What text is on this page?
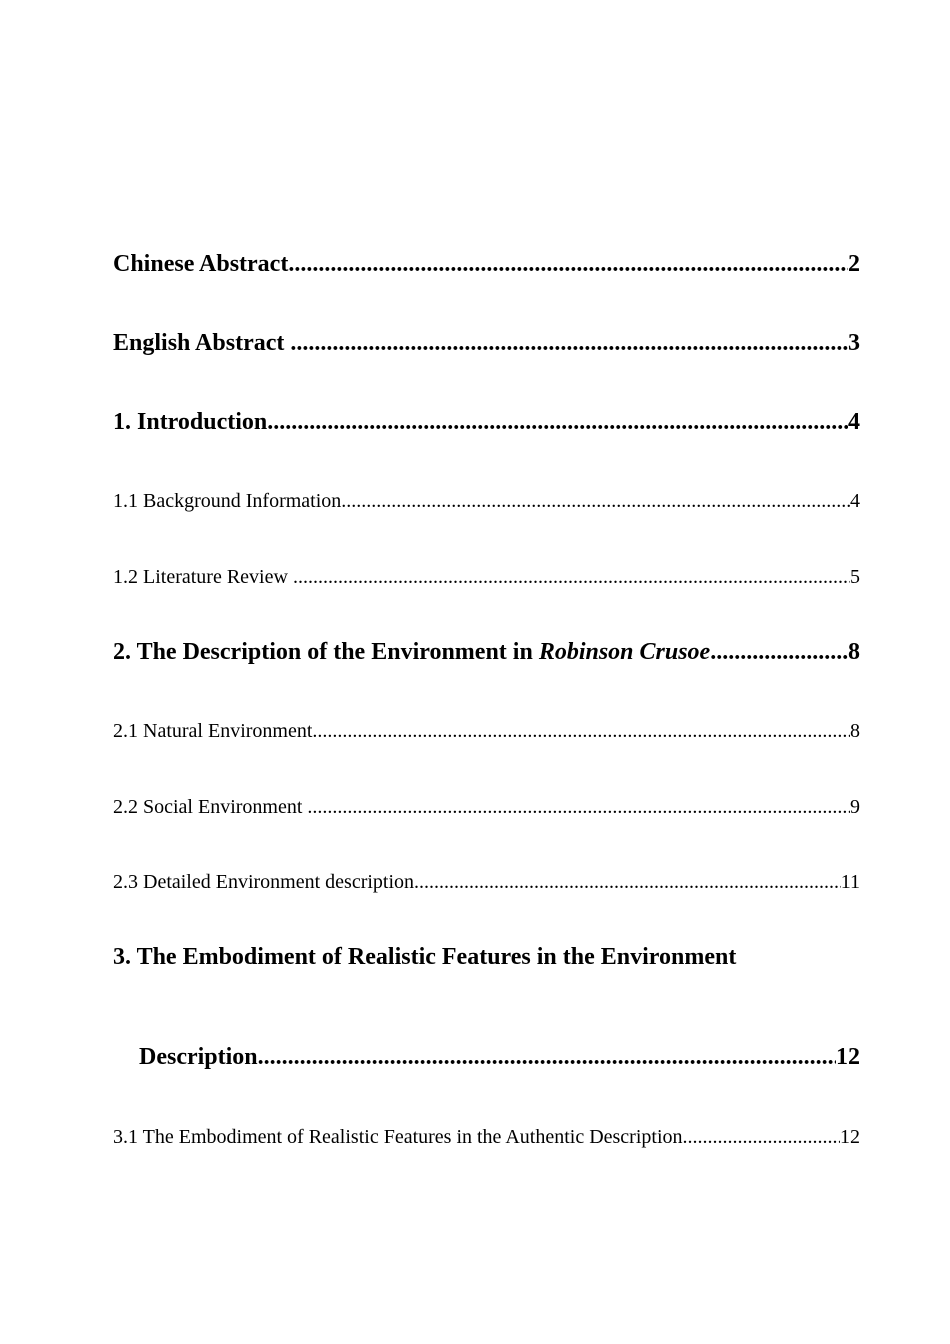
Chinese Abstract .....	2
English Abstract .....	3
1. Introduction .....	4
1.1 Background Information .....	4
1.2 Literature Review .....	5
2. The Description of the Environment in Robinson Crusoe .....	8
2.1 Natural Environment .....	8
2.2 Social Environment .....	9
2.3 Detailed Environment description .....	11
3. The Embodiment of Realistic Features in the Environment
Description .....	12
3.1 The Embodiment of Realistic Features in the Authentic Description .....	12
